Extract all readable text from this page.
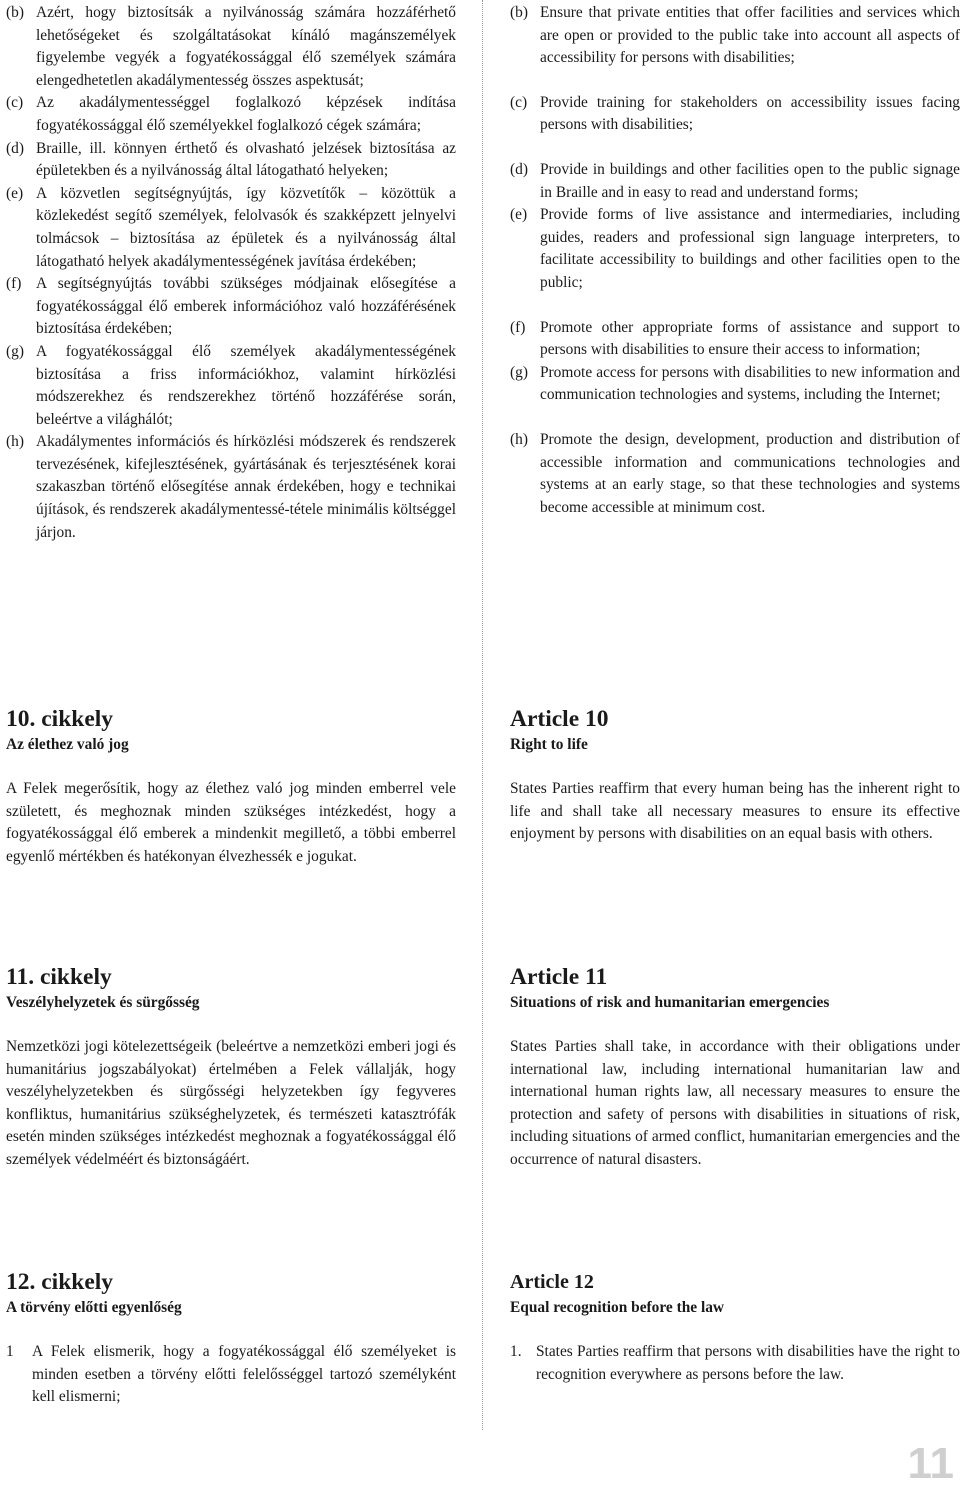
(b) Azért, hogy biztosítsák a nyilvánosság számára hozzáférhető lehetőségeket és szolgáltatásokat kínáló magánszemélyek figyelembe vegyék a fogyatékossággal élő személyek számára elengedhetetlen akadálymentesség összes aspektusát;
(c) Az akadálymentességgel foglalkozó képzések indítása fogyatékossággal élő személyekkel foglalkozó cégek számára;
(d) Braille, ill. könnyen érthető és olvasható jelzések biztosítása az épületekben és a nyilvánosság által látogatható helyeken;
(e) A közvetlen segítségnyújtás, így közvetítők – közöttük a közlekedést segítő személyek, felolvasók és szakképzett jelnyelvi tolmácsok – biztosítása az épületek és a nyilvánosság által látogatható helyek akadálymentességének javítása érdekében;
(f) A segítségnyújtás további szükséges módjainak elősegítése a fogyatékossággal élő emberek információhoz való hozzáférésének biztosítása érdekében;
(g) A fogyatékossággal élő személyek akadálymentességének biztosítása a friss információkhoz, valamint hírközlési módszerekhez és rendszerekhez történő hozzáférése során, beleértve a világhálót;
(h) Akadálymentes információs és hírközlési módszerek és rendszerek tervezésének, kifejlesztésének, gyártásának és terjesztésének korai szakaszban történő elősegítése annak érdekében, hogy e technikai újítások, és rendszerek akadálymentessé-tétele minimális költséggel járjon.
(b) Ensure that private entities that offer facilities and services which are open or provided to the public take into account all aspects of accessibility for persons with disabilities;
(c) Provide training for stakeholders on accessibility issues facing persons with disabilities;
(d) Provide in buildings and other facilities open to the public signage in Braille and in easy to read and understand forms;
(e) Provide forms of live assistance and intermediaries, including guides, readers and professional sign language interpreters, to facilitate accessibility to buildings and other facilities open to the public;
(f) Promote other appropriate forms of assistance and support to persons with disabilities to ensure their access to information;
(g) Promote access for persons with disabilities to new information and communication technologies and systems, including the Internet;
(h) Promote the design, development, production and distribution of accessible information and communications technologies and systems at an early stage, so that these technologies and systems become accessible at minimum cost.
10. cikkely
Az élethez való jog

A Felek megerősítik, hogy az élethez való jog minden emberrel vele született, és meghoznak minden szükséges intézkedést, hogy a fogyatékossággal élő emberek a mindenkit megillető, a többi emberrel egyenlő mértékben és hatékonyan élvezhessék e jogukat.

Article 10
Right to life

States Parties reaffirm that every human being has the inherent right to life and shall take all necessary measures to ensure its effective enjoyment by persons with disabilities on an equal basis with others.

11. cikkely
Veszélyhelyzetek és sürgősség

Nemzetközi jogi kötelezettségeik (beleértve a nemzetközi emberi jogi és humanitárius jogszabályokat) értelmében a Felek vállalják, hogy veszélyhelyzetekben és sürgősségi helyzetekben így fegyveres konfliktus, humanitárius szükséghelyzetek, és természeti katasztrófák esetén minden szükséges intézkedést meghoznak a fogyatékossággal élő személyek védelméért és biztonságáért.

Article 11
Situations of risk and humanitarian emergencies

States Parties shall take, in accordance with their obligations under international law, including international humanitarian law and international human rights law, all necessary measures to ensure the protection and safety of persons with disabilities in situations of risk, including situations of armed conflict, humanitarian emergencies and the occurrence of natural disasters.

12. cikkely
A törvény előtti egyenlőség
1	A Felek elismerik, hogy a fogyatékossággal élő személyeket is minden esetben a törvény előtti felelősséggel tartozó személyként kell elismerni;
Article 12
Equal recognition before the law
1. States Parties reaffirm that persons with disabilities have the right to recognition everywhere as persons before the law.
11
